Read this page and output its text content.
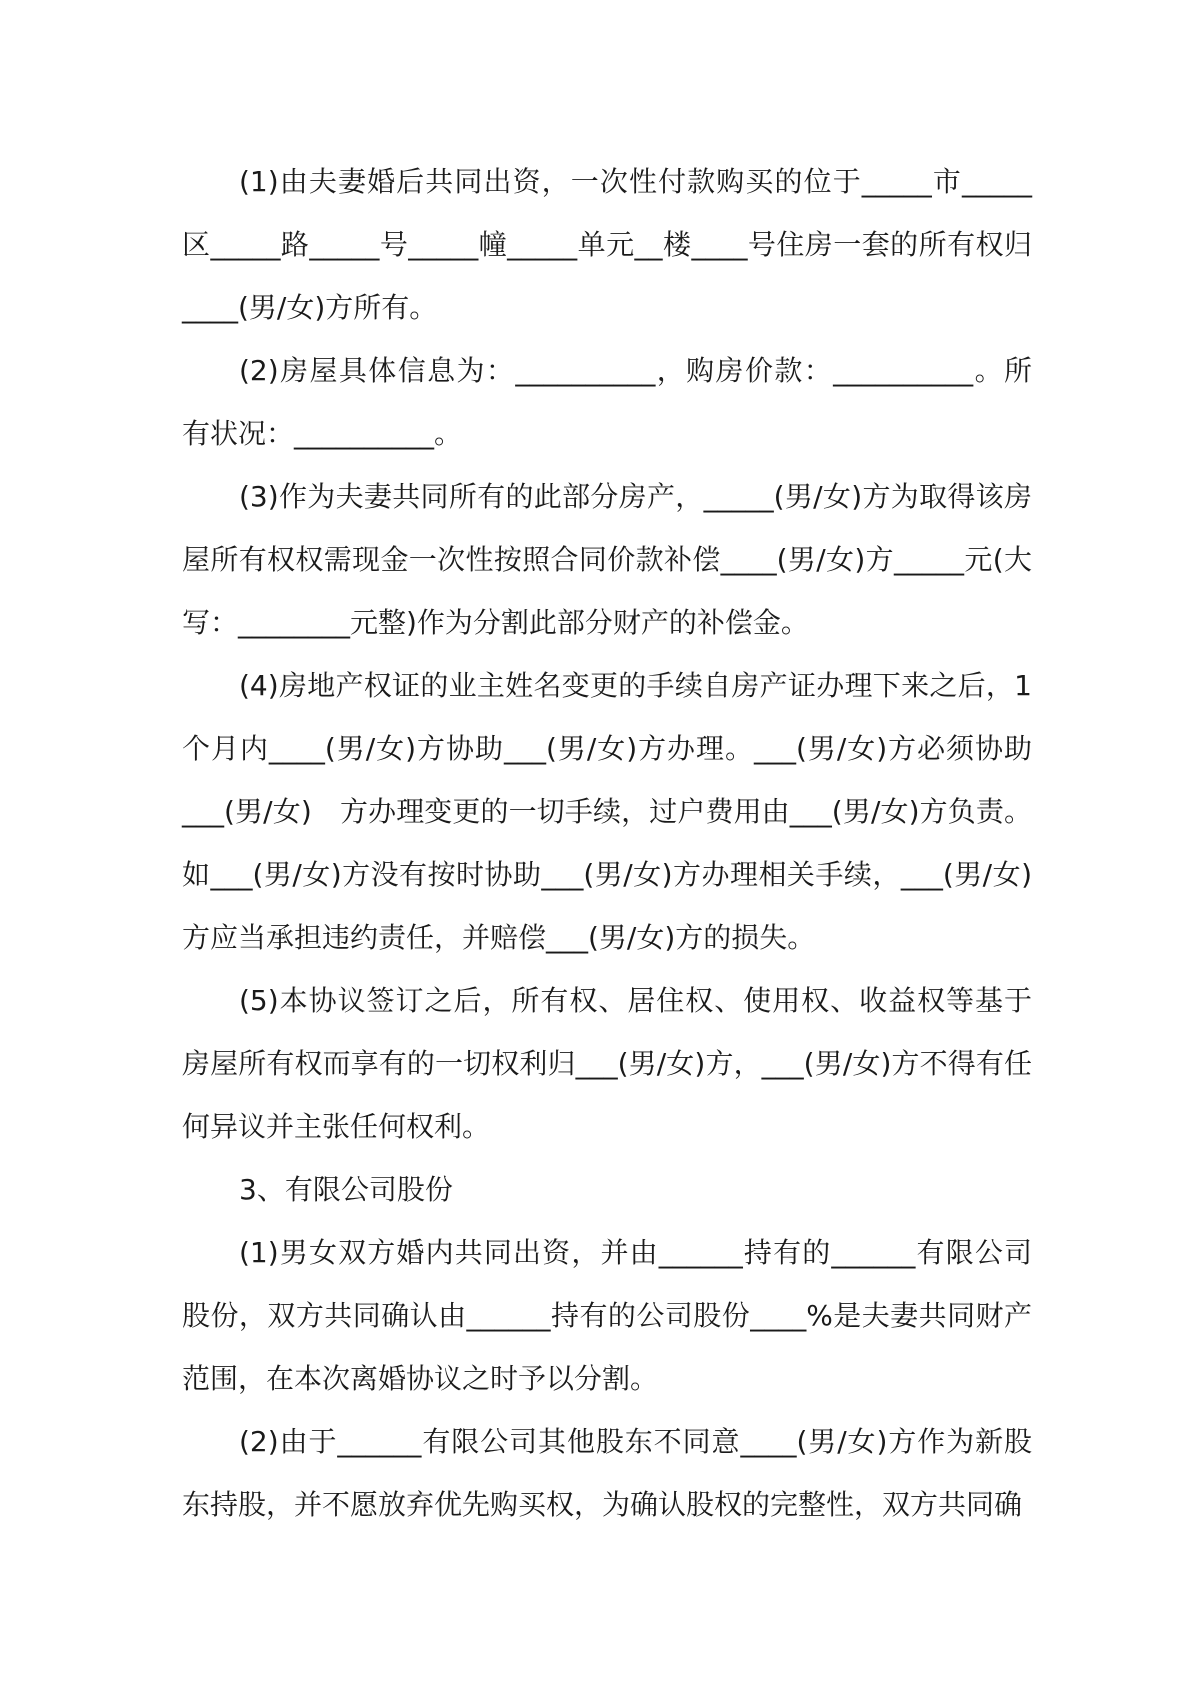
(1)由夫妻婚后共同出资，一次性付款购买的位于_____市_____区_____路_____号_____幢_____单元__楼____号住房一套的所有权归____(男/女)方所有。

(2)房屋具体信息为：__________，购房价款：__________。所有状况：__________。

(3)作为夫妻共同所有的此部分房产，_____(男/女)方为取得该房屋所有权权需现金一次性按照合同价款补偿____(男/女)方_____元(大写：________元整)作为分割此部分财产的补偿金。

(4)房地产权证的业主姓名变更的手续自房产证办理下来之后，1个月内____(男/女)方协助___(男/女)方办理。___(男/女)方必须协助___(男/女)　方办理变更的一切手续，过户费用由___(男/女)方负责。如___(男/女)方没有按时协助___(男/女)方办理相关手续，___(男/女)方应当承担违约责任，并赔偿___(男/女)方的损失。

(5)本协议签订之后，所有权、居住权、使用权、收益权等基于房屋所有权而享有的一切权利归___(男/女)方，___(男/女)方不得有任何异议并主张任何权利。

3、有限公司股份

(1)男女双方婚内共同出资，并由______持有的______有限公司股份，双方共同确认由______持有的公司股份____%是夫妻共同财产范围，在本次离婚协议之时予以分割。

(2)由于______有限公司其他股东不同意____(男/女)方作为新股东持股，并不愿放弃优先购买权，为确认股权的完整性，双方共同确
